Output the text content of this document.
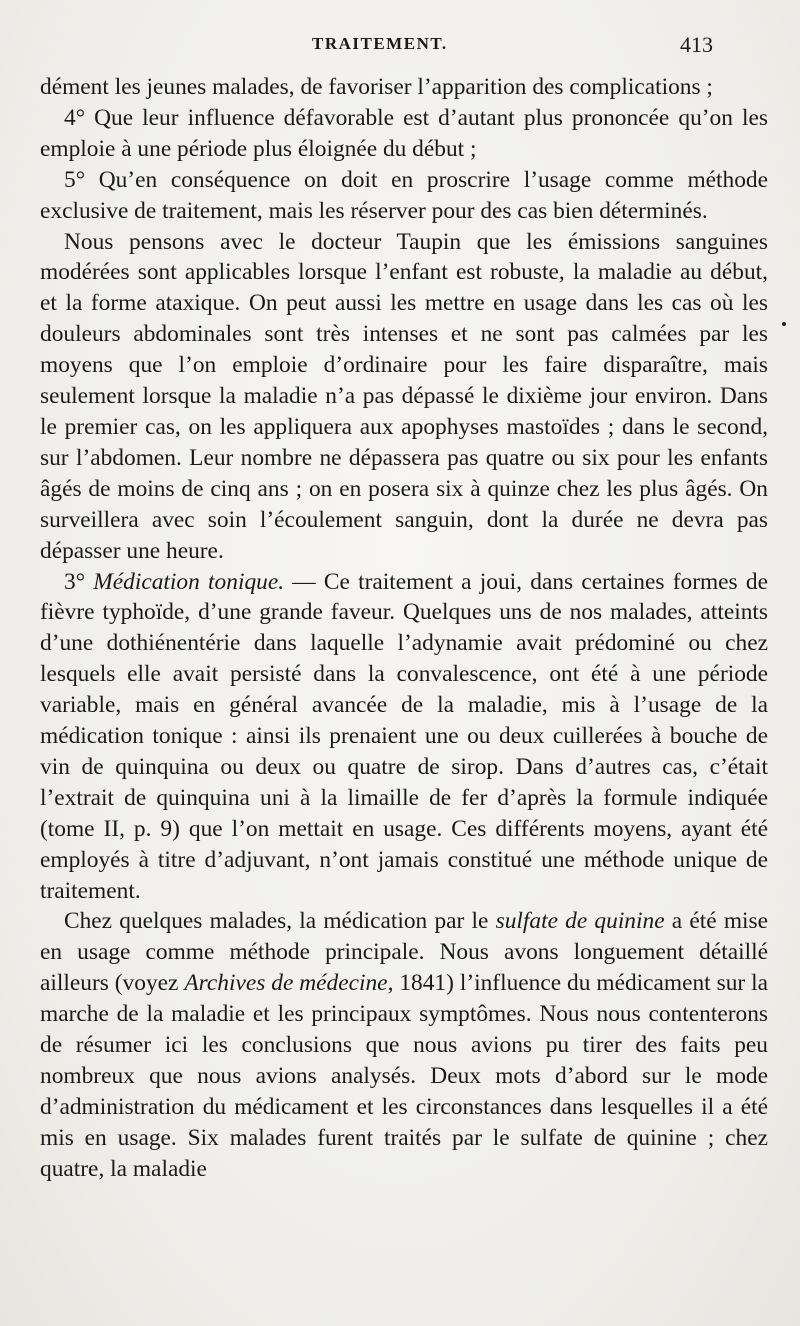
TRAITEMENT.	413

dément les jeunes malades, de favoriser l’apparition des complications ;

4° Que leur influence défavorable est d’autant plus prononcée qu’on les emploie à une période plus éloignée du début ;

5° Qu’en conséquence on doit en proscrire l’usage comme méthode exclusive de traitement, mais les réserver pour des cas bien déterminés.

Nous pensons avec le docteur Taupin que les émissions sanguines modérées sont applicables lorsque l’enfant est robuste, la maladie au début, et la forme ataxique. On peut aussi les mettre en usage dans les cas où les douleurs abdominales sont très intenses et ne sont pas calmées par les moyens que l’on emploie d’ordinaire pour les faire disparaître, mais seulement lorsque la maladie n’a pas dépassé le dixième jour environ. Dans le premier cas, on les appliquera aux apophyses mastoïdes ; dans le second, sur l’abdomen. Leur nombre ne dépassera pas quatre ou six pour les enfants âgés de moins de cinq ans ; on en posera six à quinze chez les plus âgés. On surveillera avec soin l’écoulement sanguin, dont la durée ne devra pas dépasser une heure.

3° Médication tonique. — Ce traitement a joui, dans certaines formes de fièvre typhoïde, d’une grande faveur. Quelques uns de nos malades, atteints d’une dothiénentérie dans laquelle l’adynamie avait prédominé ou chez lesquels elle avait persisté dans la convalescence, ont été à une période variable, mais en général avancée de la maladie, mis à l’usage de la médication tonique : ainsi ils prenaient une ou deux cuillerées à bouche de vin de quinquina ou deux ou quatre de sirop. Dans d’autres cas, c’était l’extrait de quinquina uni à la limaille de fer d’après la formule indiquée (tome II, p. 9) que l’on mettait en usage. Ces différents moyens, ayant été employés à titre d’adjuvant, n’ont jamais constitué une méthode unique de traitement.

Chez quelques malades, la médication par le sulfate de quinine a été mise en usage comme méthode principale. Nous avons longuement détaillé ailleurs (voyez Archives de médecine, 1841) l’influence du médicament sur la marche de la maladie et les principaux symptômes. Nous nous contenterons de résumer ici les conclusions que nous avions pu tirer des faits peu nombreux que nous avions analysés. Deux mots d’abord sur le mode d’administration du médicament et les circonstances dans lesquelles il a été mis en usage. Six malades furent traités par le sulfate de quinine ; chez quatre, la maladie
